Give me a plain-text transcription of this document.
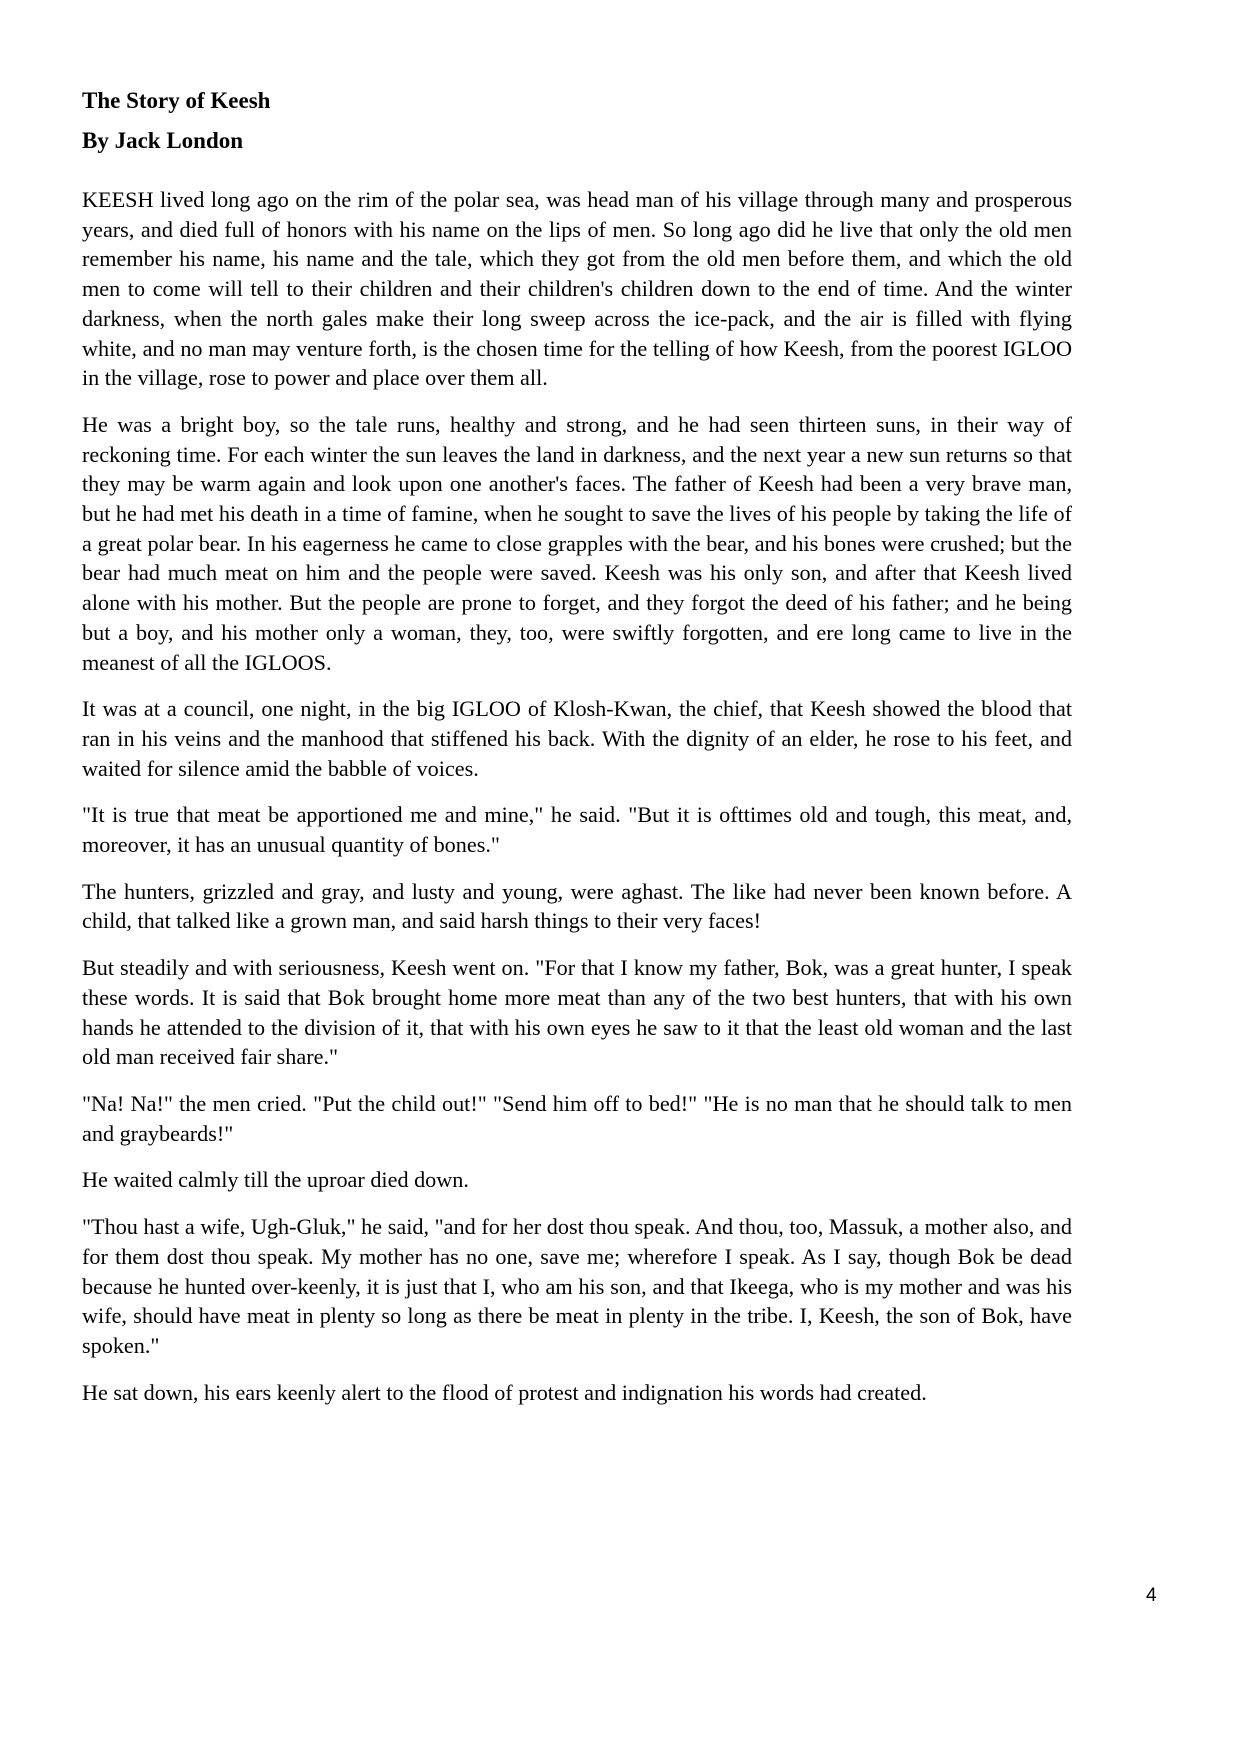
The Story of Keesh
By Jack London

KEESH lived long ago on the rim of the polar sea, was head man of his village through many and prosperous years, and died full of honors with his name on the lips of men. So long ago did he live that only the old men remember his name, his name and the tale, which they got from the old men before them, and which the old men to come will tell to their children and their children's children down to the end of time. And the winter darkness, when the north gales make their long sweep across the ice-pack, and the air is filled with flying white, and no man may venture forth, is the chosen time for the telling of how Keesh, from the poorest IGLOO in the village, rose to power and place over them all.

He was a bright boy, so the tale runs, healthy and strong, and he had seen thirteen suns, in their way of reckoning time. For each winter the sun leaves the land in darkness, and the next year a new sun returns so that they may be warm again and look upon one another's faces. The father of Keesh had been a very brave man, but he had met his death in a time of famine, when he sought to save the lives of his people by taking the life of a great polar bear. In his eagerness he came to close grapples with the bear, and his bones were crushed; but the bear had much meat on him and the people were saved. Keesh was his only son, and after that Keesh lived alone with his mother. But the people are prone to forget, and they forgot the deed of his father; and he being but a boy, and his mother only a woman, they, too, were swiftly forgotten, and ere long came to live in the meanest of all the IGLOOS.

It was at a council, one night, in the big IGLOO of Klosh-Kwan, the chief, that Keesh showed the blood that ran in his veins and the manhood that stiffened his back. With the dignity of an elder, he rose to his feet, and waited for silence amid the babble of voices.

"It is true that meat be apportioned me and mine," he said. "But it is ofttimes old and tough, this meat, and, moreover, it has an unusual quantity of bones."

The hunters, grizzled and gray, and lusty and young, were aghast. The like had never been known before. A child, that talked like a grown man, and said harsh things to their very faces!

But steadily and with seriousness, Keesh went on. "For that I know my father, Bok, was a great hunter, I speak these words. It is said that Bok brought home more meat than any of the two best hunters, that with his own hands he attended to the division of it, that with his own eyes he saw to it that the least old woman and the last old man received fair share."

"Na! Na!" the men cried. "Put the child out!" "Send him off to bed!" "He is no man that he should talk to men and graybeards!"

He waited calmly till the uproar died down.

"Thou hast a wife, Ugh-Gluk," he said, "and for her dost thou speak. And thou, too, Massuk, a mother also, and for them dost thou speak. My mother has no one, save me; wherefore I speak. As I say, though Bok be dead because he hunted over-keenly, it is just that I, who am his son, and that Ikeega, who is my mother and was his wife, should have meat in plenty so long as there be meat in plenty in the tribe. I, Keesh, the son of Bok, have spoken."

He sat down, his ears keenly alert to the flood of protest and indignation his words had created.

4
